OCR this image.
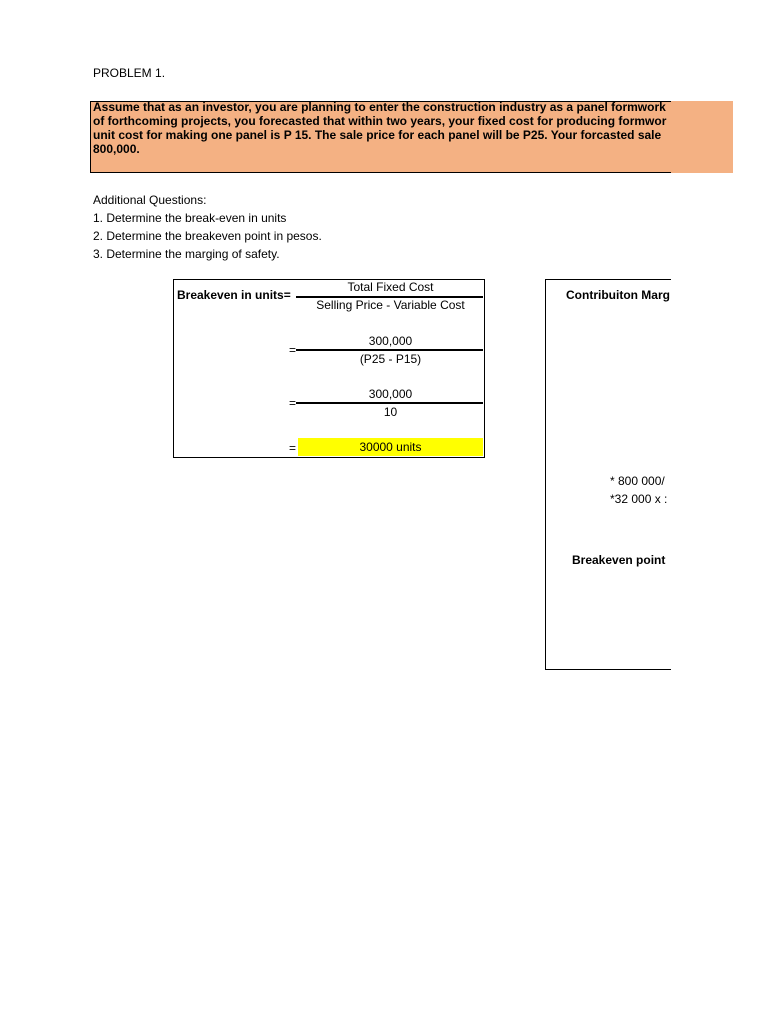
PROBLEM 1.
Assume that as an investor, you are planning to enter the construction industry as a panel formwork
of forthcoming projects, you forecasted that within two years, your fixed cost for producing formwor
unit cost for making one panel is P 15. The sale price for each panel will be P25. Your forcasted sale
800,000.
Additional Questions:
1. Determine the break-even in units
2. Determine the breakeven point in pesos.
3. Determine the marging of safety.
Breakeven in units=
Total Fixed Cost
Selling Price - Variable Cost
300,000
=
(P25 - P15)
300,000
=
10
=	30000 units
Contribuiton Marg
* 800 000/
*32 000 x :
Breakeven point
